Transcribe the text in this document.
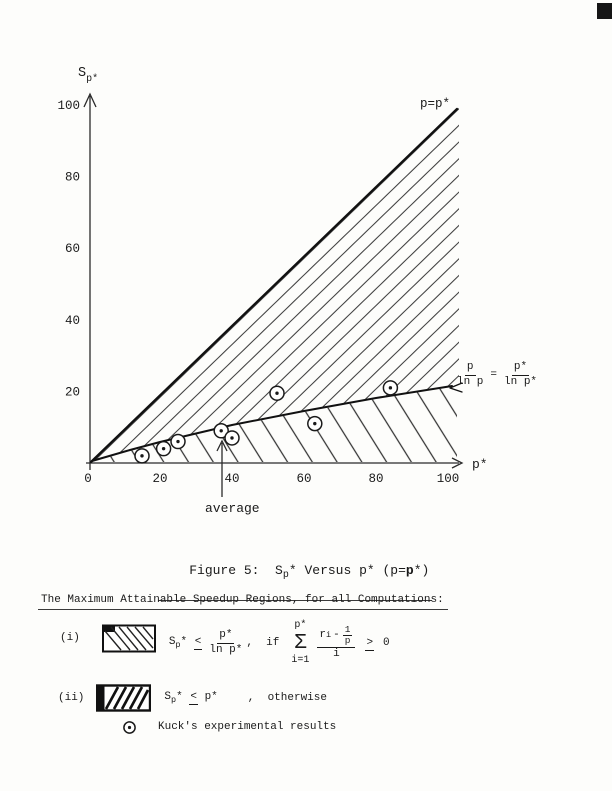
p=p*
p*
$S_{p*}$
average
0	20	40	60	80	100
20
40
60
80
100
$\frac{p}{\text{ln p}} = \frac{p*}{\text{ln p*}}$

Figure 5:  $S_p*$ Versus p* (p=p*)

The Maximum Attainable Speedup Regions, for all Computations:
(i)	$S_p* < \frac{p*}{\text{ln p*}}$ ,  if
p*
Σ
i=1 r i - 1
p
i > 0
(ii)	$S_p* < p*$	,  otherwise
Kuck's experimental results
